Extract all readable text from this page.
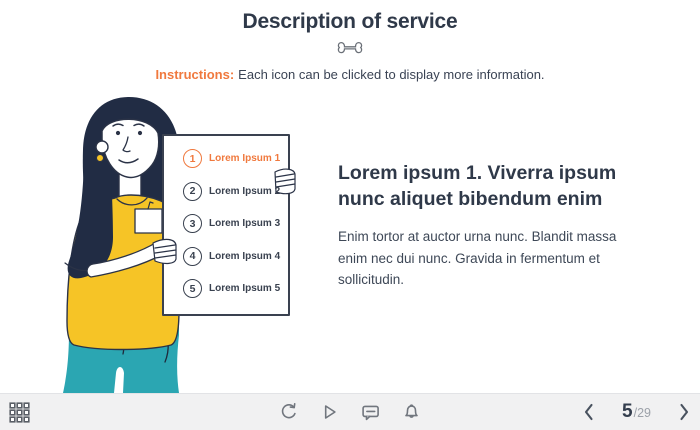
Description of service
Instructions: Each icon can be clicked to display more information.
1	Lorem Ipsum 1
2	Lorem Ipsum 2
3	Lorem Ipsum 3
4	Lorem Ipsum 4
5	Lorem Ipsum 5
Lorem ipsum 1. Viverra ipsum nunc aliquet bibendum enim

Enim tortor at auctor urna nunc. Blandit massa enim nec dui nunc. Gravida in fermentum et sollicitudin.

5 /29
